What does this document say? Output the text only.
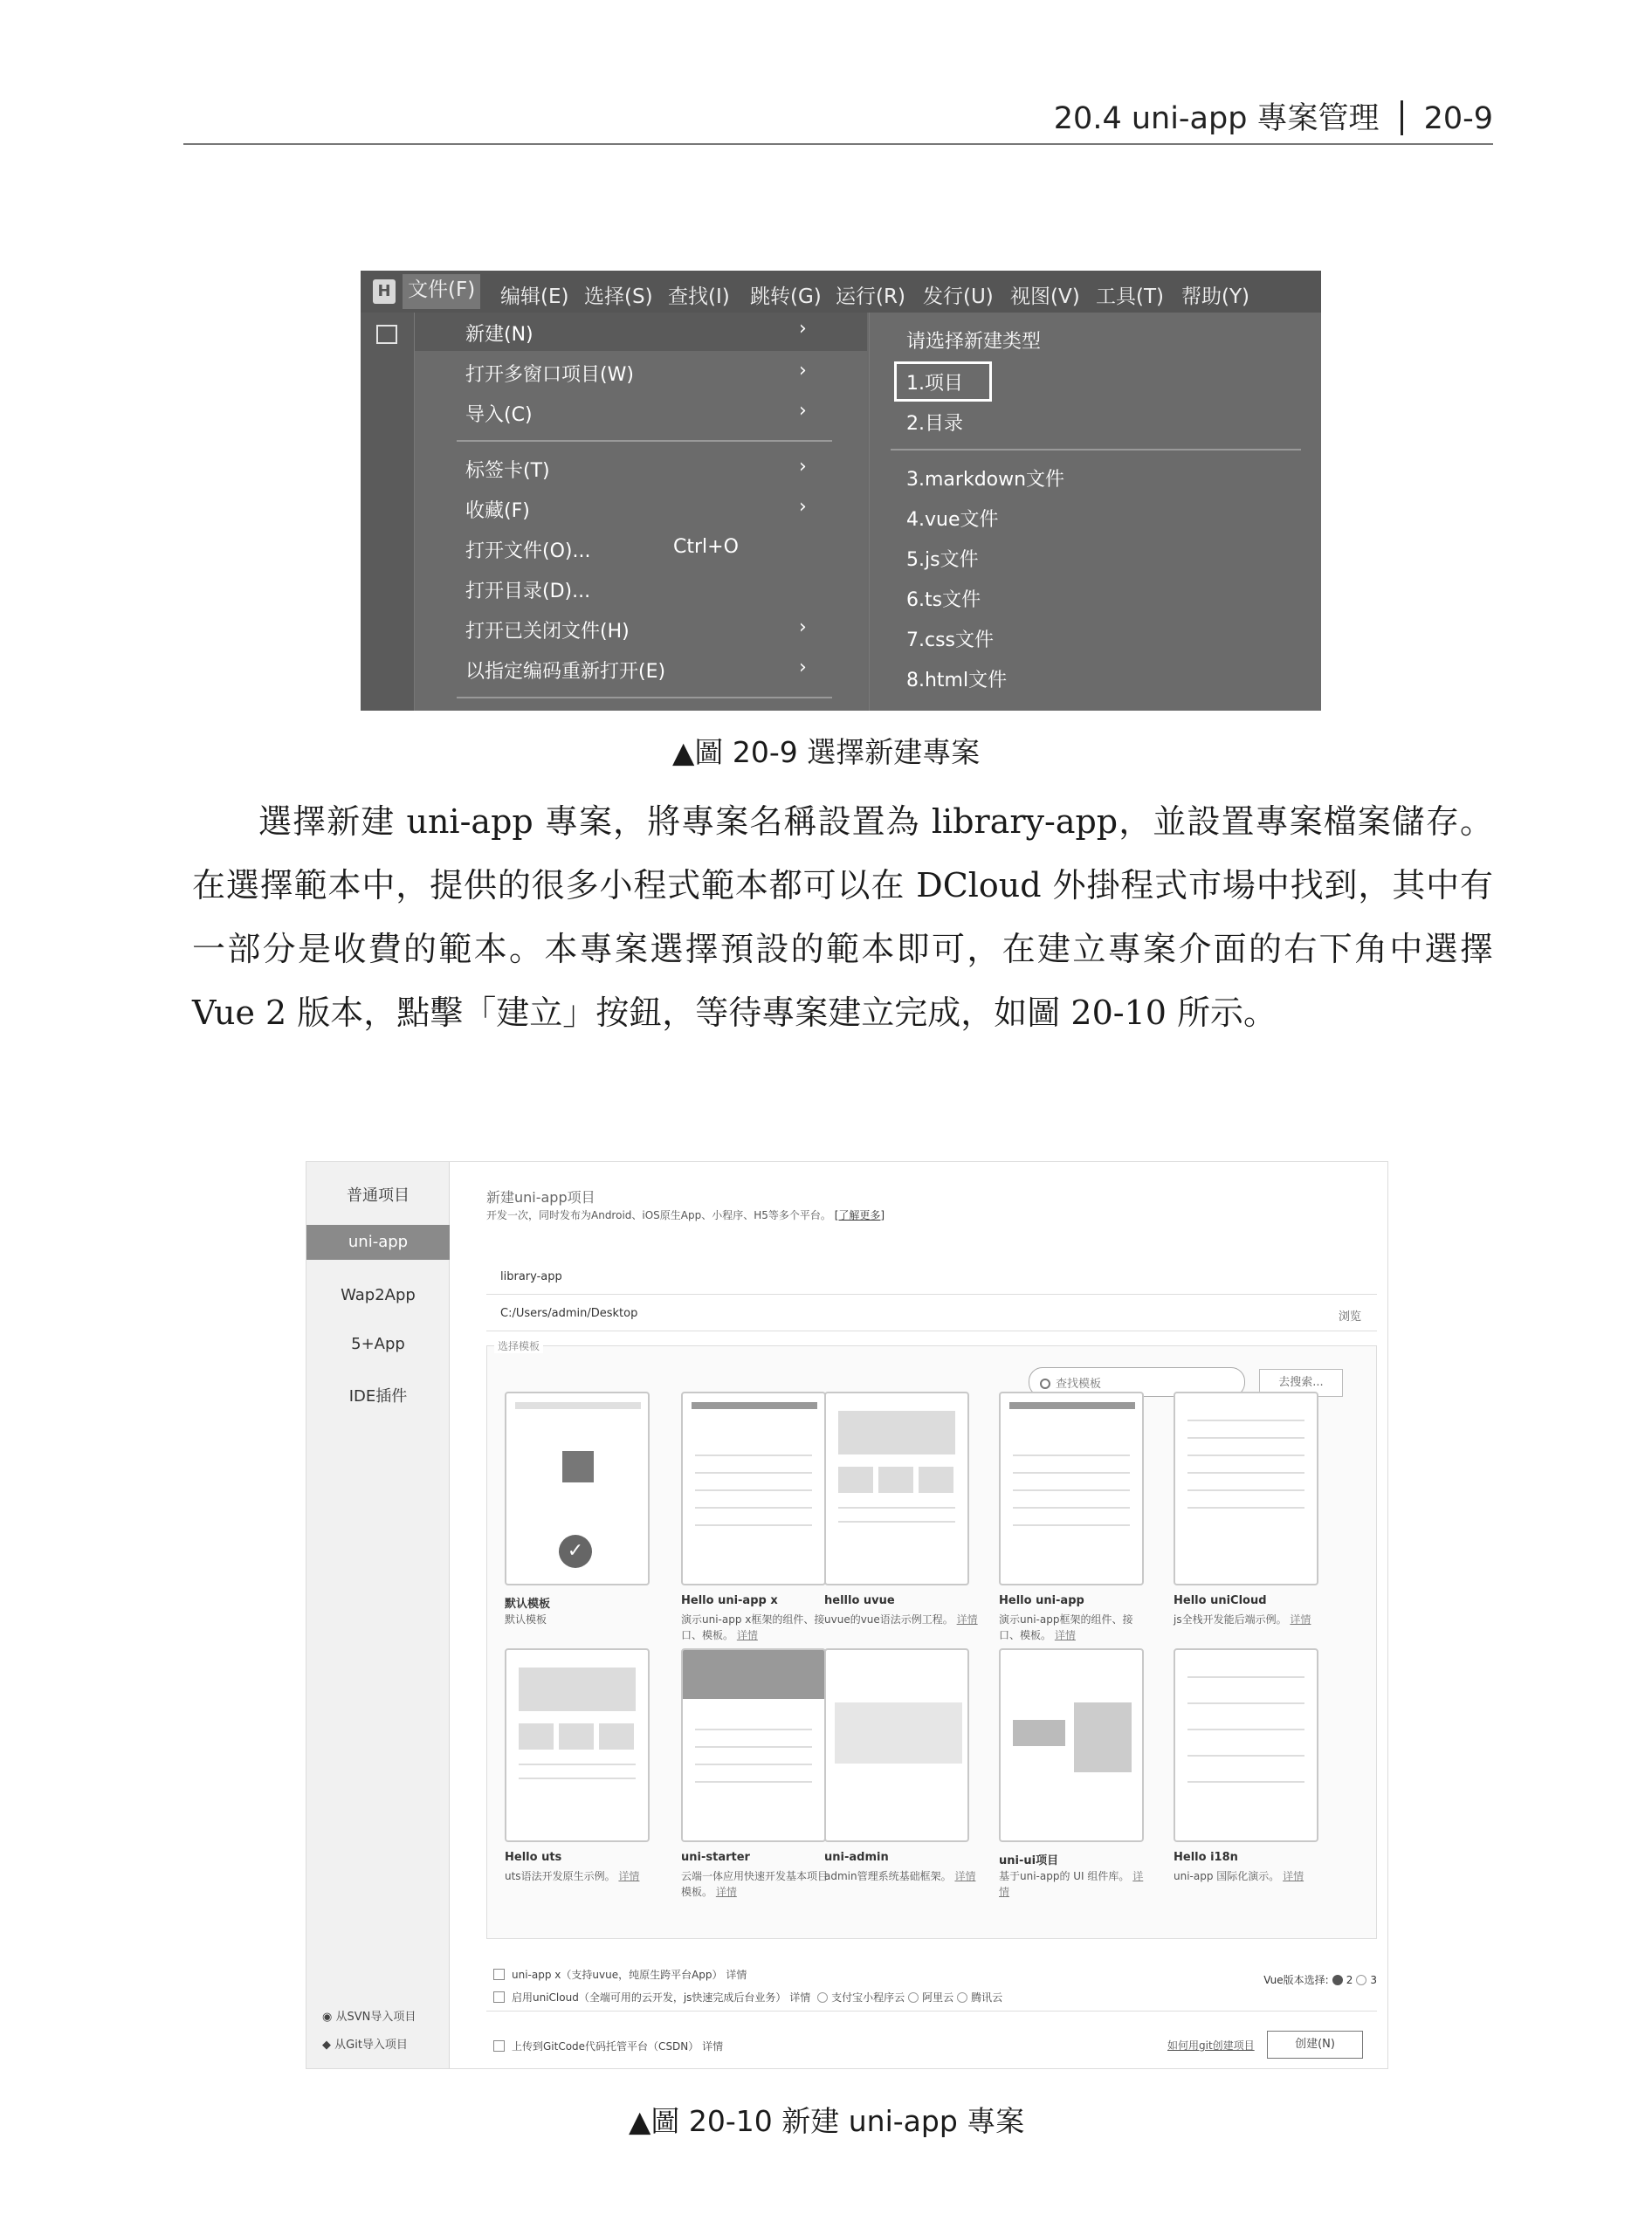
20.4 uni-app 專案管理 20-9
H 文件(F) 编辑(E) 选择(S) 查找(I) 跳转(G) 运行(R) 发行(U) 视图(V) 工具(T) 帮助(Y)
新建(N)	›
打开多窗口项目(W)	›
导入(C)	›
标签卡(T)	›
收藏(F)	›
打开文件(O)...	Ctrl+O
打开目录(D)...
打开已关闭文件(H)	›
以指定编码重新打开(E)	›
请选择新建类型
1.项目
2.目录
3.markdown文件
4.vue文件
5.js文件
6.ts文件
7.css文件
8.html文件
▲圖 20-9 選擇新建專案
選擇新建 uni-app 專案，將專案名稱設置為 library-app，並設置專案檔案儲存。在選擇範本中，提供的很多小程式範本都可以在 DCloud 外掛程式市場中找到，其中有一部分是收費的範本。本專案選擇預設的範本即可，在建立專案介面的右下角中選擇 Vue 2 版本，點擊「建立」按鈕，等待專案建立完成，如圖 20-10 所示。
普通项目
uni-app
Wap2App
5+App
IDE插件
◉ 从SVN导入项目
◆ 从Git导入项目
新建uni-app项目
开发一次，同时发布为Android、iOS原生App、小程序、H5等多个平台。 [了解更多]
library-app
C:/Users/admin/Desktop	浏览
选择模板
查找模板	去搜索...
✓
默认模板
默认模板
Hello uni-app x
演示uni-app x框架的组件、接口、模板。 详情
helllo uvue
uvue的vue语法示例工程。 详情
Hello uni-app
演示uni-app框架的组件、接口、模板。 详情
Hello uniCloud
js全栈开发能后端示例。 详情
Hello uts
uts语法开发原生示例。 详情
uni-starter
云端一体应用快速开发基本项目模板。 详情
uni-admin
admin管理系统基础框架。 详情
uni-ui项目
基于uni-app的 UI 组件库。 详情
Hello i18n
uni-app 国际化演示。 详情
uni-app x（支持uvue，纯原生跨平台App） 详情	Vue版本选择: 2 3
启用uniCloud（全端可用的云开发，js快速完成后台业务） 详情 支付宝小程序云 阿里云 腾讯云
上传到GitCode代码托管平台（CSDN） 详情	如何用git创建项目	创建(N)
▲圖 20-10 新建 uni-app 專案
